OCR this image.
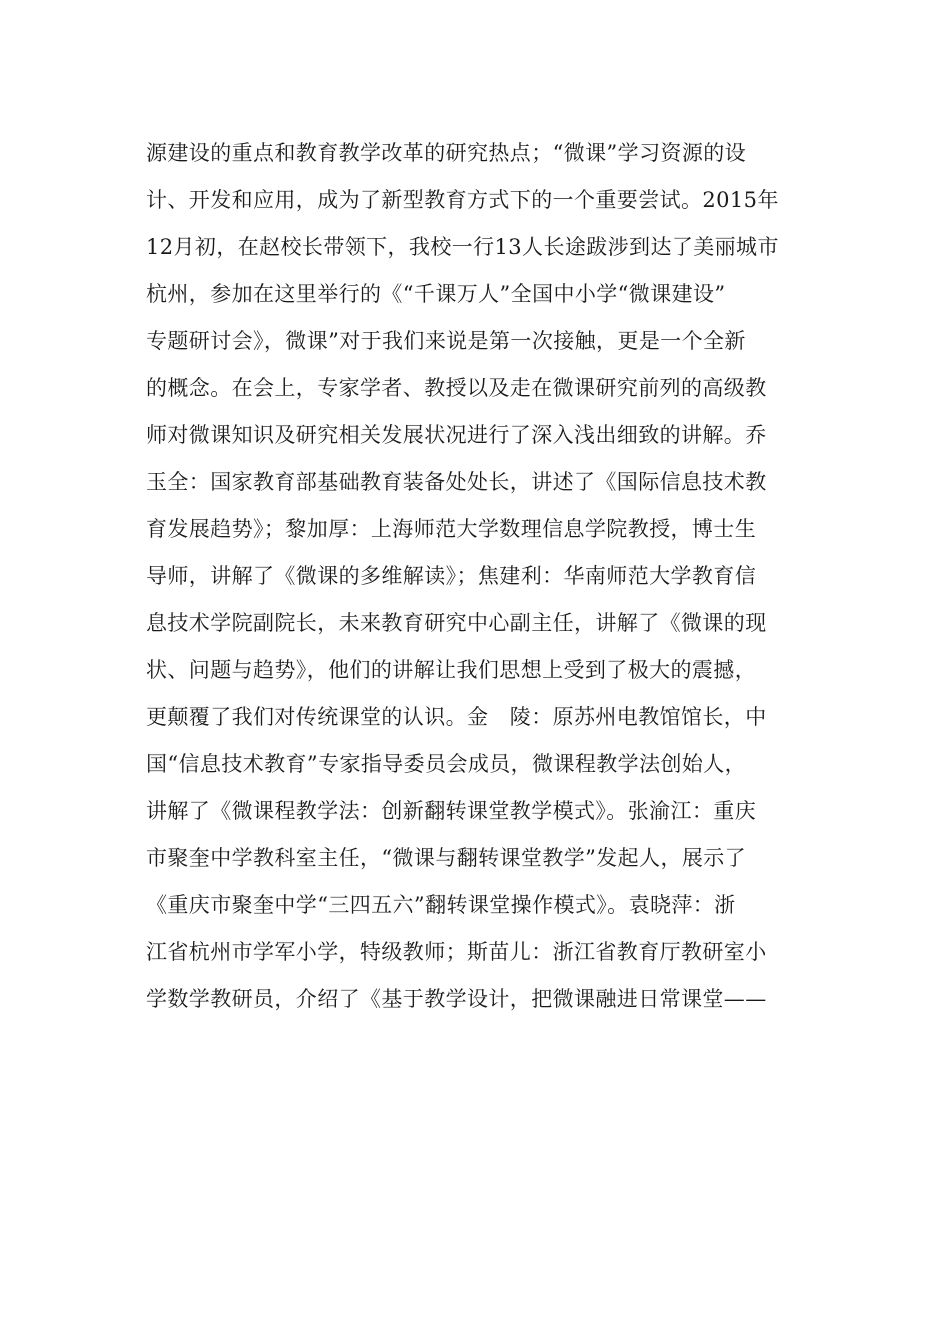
源建设的重点和教育教学改革的研究热点；“微课”学习资源的设
计、开发和应用，成为了新型教育方式下的一个重要尝试。2015年
12月初，在赵校长带领下，我校一行13人长途跋涉到达了美丽城市
杭州，参加在这里举行的《“千课万人”全国中小学“微课建设”
专题研讨会》，微课”对于我们来说是第一次接触，更是一个全新
的概念。在会上，专家学者、教授以及走在微课研究前列的高级教
师对微课知识及研究相关发展状况进行了深入浅出细致的讲解。乔
玉全：国家教育部基础教育装备处处长，讲述了《国际信息技术教
育发展趋势》；黎加厚：上海师范大学数理信息学院教授，博士生
导师，讲解了《微课的多维解读》；焦建利：华南师范大学教育信
息技术学院副院长，未来教育研究中心副主任，讲解了《微课的现
状、问题与趋势》，他们的讲解让我们思想上受到了极大的震撼，
更颠覆了我们对传统课堂的认识。金　陵：原苏州电教馆馆长，中
国“信息技术教育”专家指导委员会成员，微课程教学法创始人，
讲解了《微课程教学法：创新翻转课堂教学模式》。张渝江：重庆
市聚奎中学教科室主任，“微课与翻转课堂教学”发起人，展示了
《重庆市聚奎中学“三四五六”翻转课堂操作模式》。袁晓萍：浙
江省杭州市学军小学，特级教师；斯苗儿：浙江省教育厅教研室小
学数学教研员，介绍了《基于教学设计，把微课融进日常课堂——
